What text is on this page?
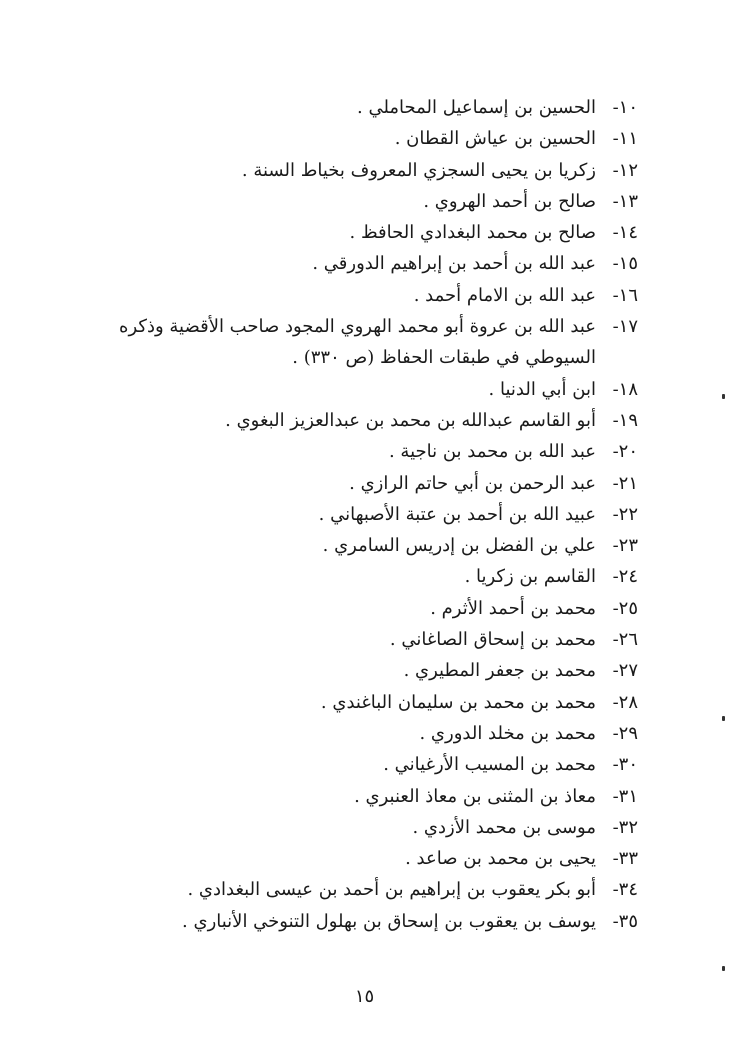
١٠-
الحسين بن إسماعيل المحاملي .
١١-
الحسين بن عياش القطان .
١٢-
زكريا بن يحيى السجزي المعروف بخياط السنة .
١٣-
صالح بن أحمد الهروي .
١٤-
صالح بن محمد البغدادي الحافظ .
١٥-
عبد الله بن أحمد بن إبراهيم الدورقي .
١٦-
عبد الله بن الامام أحمد .
١٧-
عبد الله بن عروة أبو محمد الهروي المجود صاحب الأقضية وذكره السيوطي في طبقات الحفاظ (ص ٣٣٠) .
١٨-
ابن أبي الدنيا .
١٩-
أبو القاسم عبدالله بن محمد بن عبدالعزيز البغوي .
٢٠-
عبد الله بن محمد بن ناجية .
٢١-
عبد الرحمن بن أبي حاتم الرازي .
٢٢-
عبيد الله بن أحمد بن عتبة الأصبهاني .
٢٣-
علي بن الفضل بن إدريس السامري .
٢٤-
القاسم بن زكريا .
٢٥-
محمد بن أحمد الأثرم .
٢٦-
محمد بن إسحاق الصاغاني .
٢٧-
محمد بن جعفر المطيري .
٢٨-
محمد بن محمد بن سليمان الباغندي .
٢٩-
محمد بن مخلد الدوري .
٣٠-
محمد بن المسيب الأرغياني .
٣١-
معاذ بن المثنى بن معاذ العنبري .
٣٢-
موسى بن محمد الأزدي .
٣٣-
يحيى بن محمد بن صاعد .
٣٤-
أبو بكر يعقوب بن إبراهيم بن أحمد بن عيسى البغدادي .
٣٥-
يوسف بن يعقوب بن إسحاق بن بهلول التنوخي الأنباري .
١٥
